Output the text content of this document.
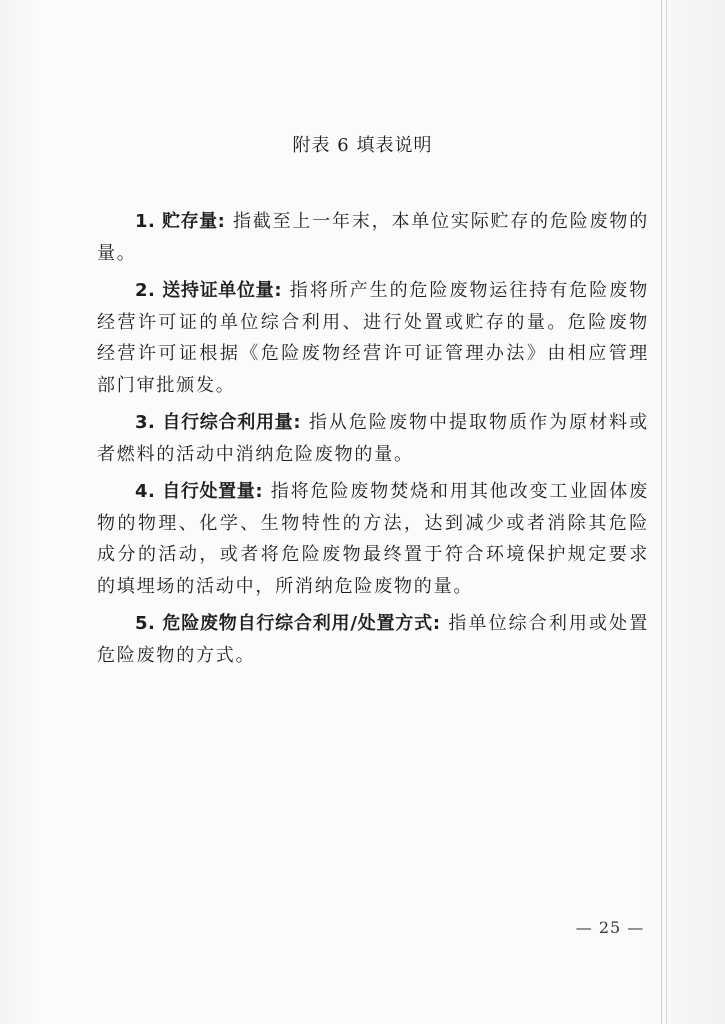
附表 6 填表说明

1. 贮存量: 指截至上一年末，本单位实际贮存的危险废物的量。

2. 送持证单位量: 指将所产生的危险废物运往持有危险废物经营许可证的单位综合利用、进行处置或贮存的量。危险废物经营许可证根据《危险废物经营许可证管理办法》由相应管理部门审批颁发。

3. 自行综合利用量: 指从危险废物中提取物质作为原材料或者燃料的活动中消纳危险废物的量。

4. 自行处置量: 指将危险废物焚烧和用其他改变工业固体废物的物理、化学、生物特性的方法，达到减少或者消除其危险成分的活动，或者将危险废物最终置于符合环境保护规定要求的填埋场的活动中，所消纳危险废物的量。

5. 危险废物自行综合利用/处置方式: 指单位综合利用或处置危险废物的方式。

— 25 —
